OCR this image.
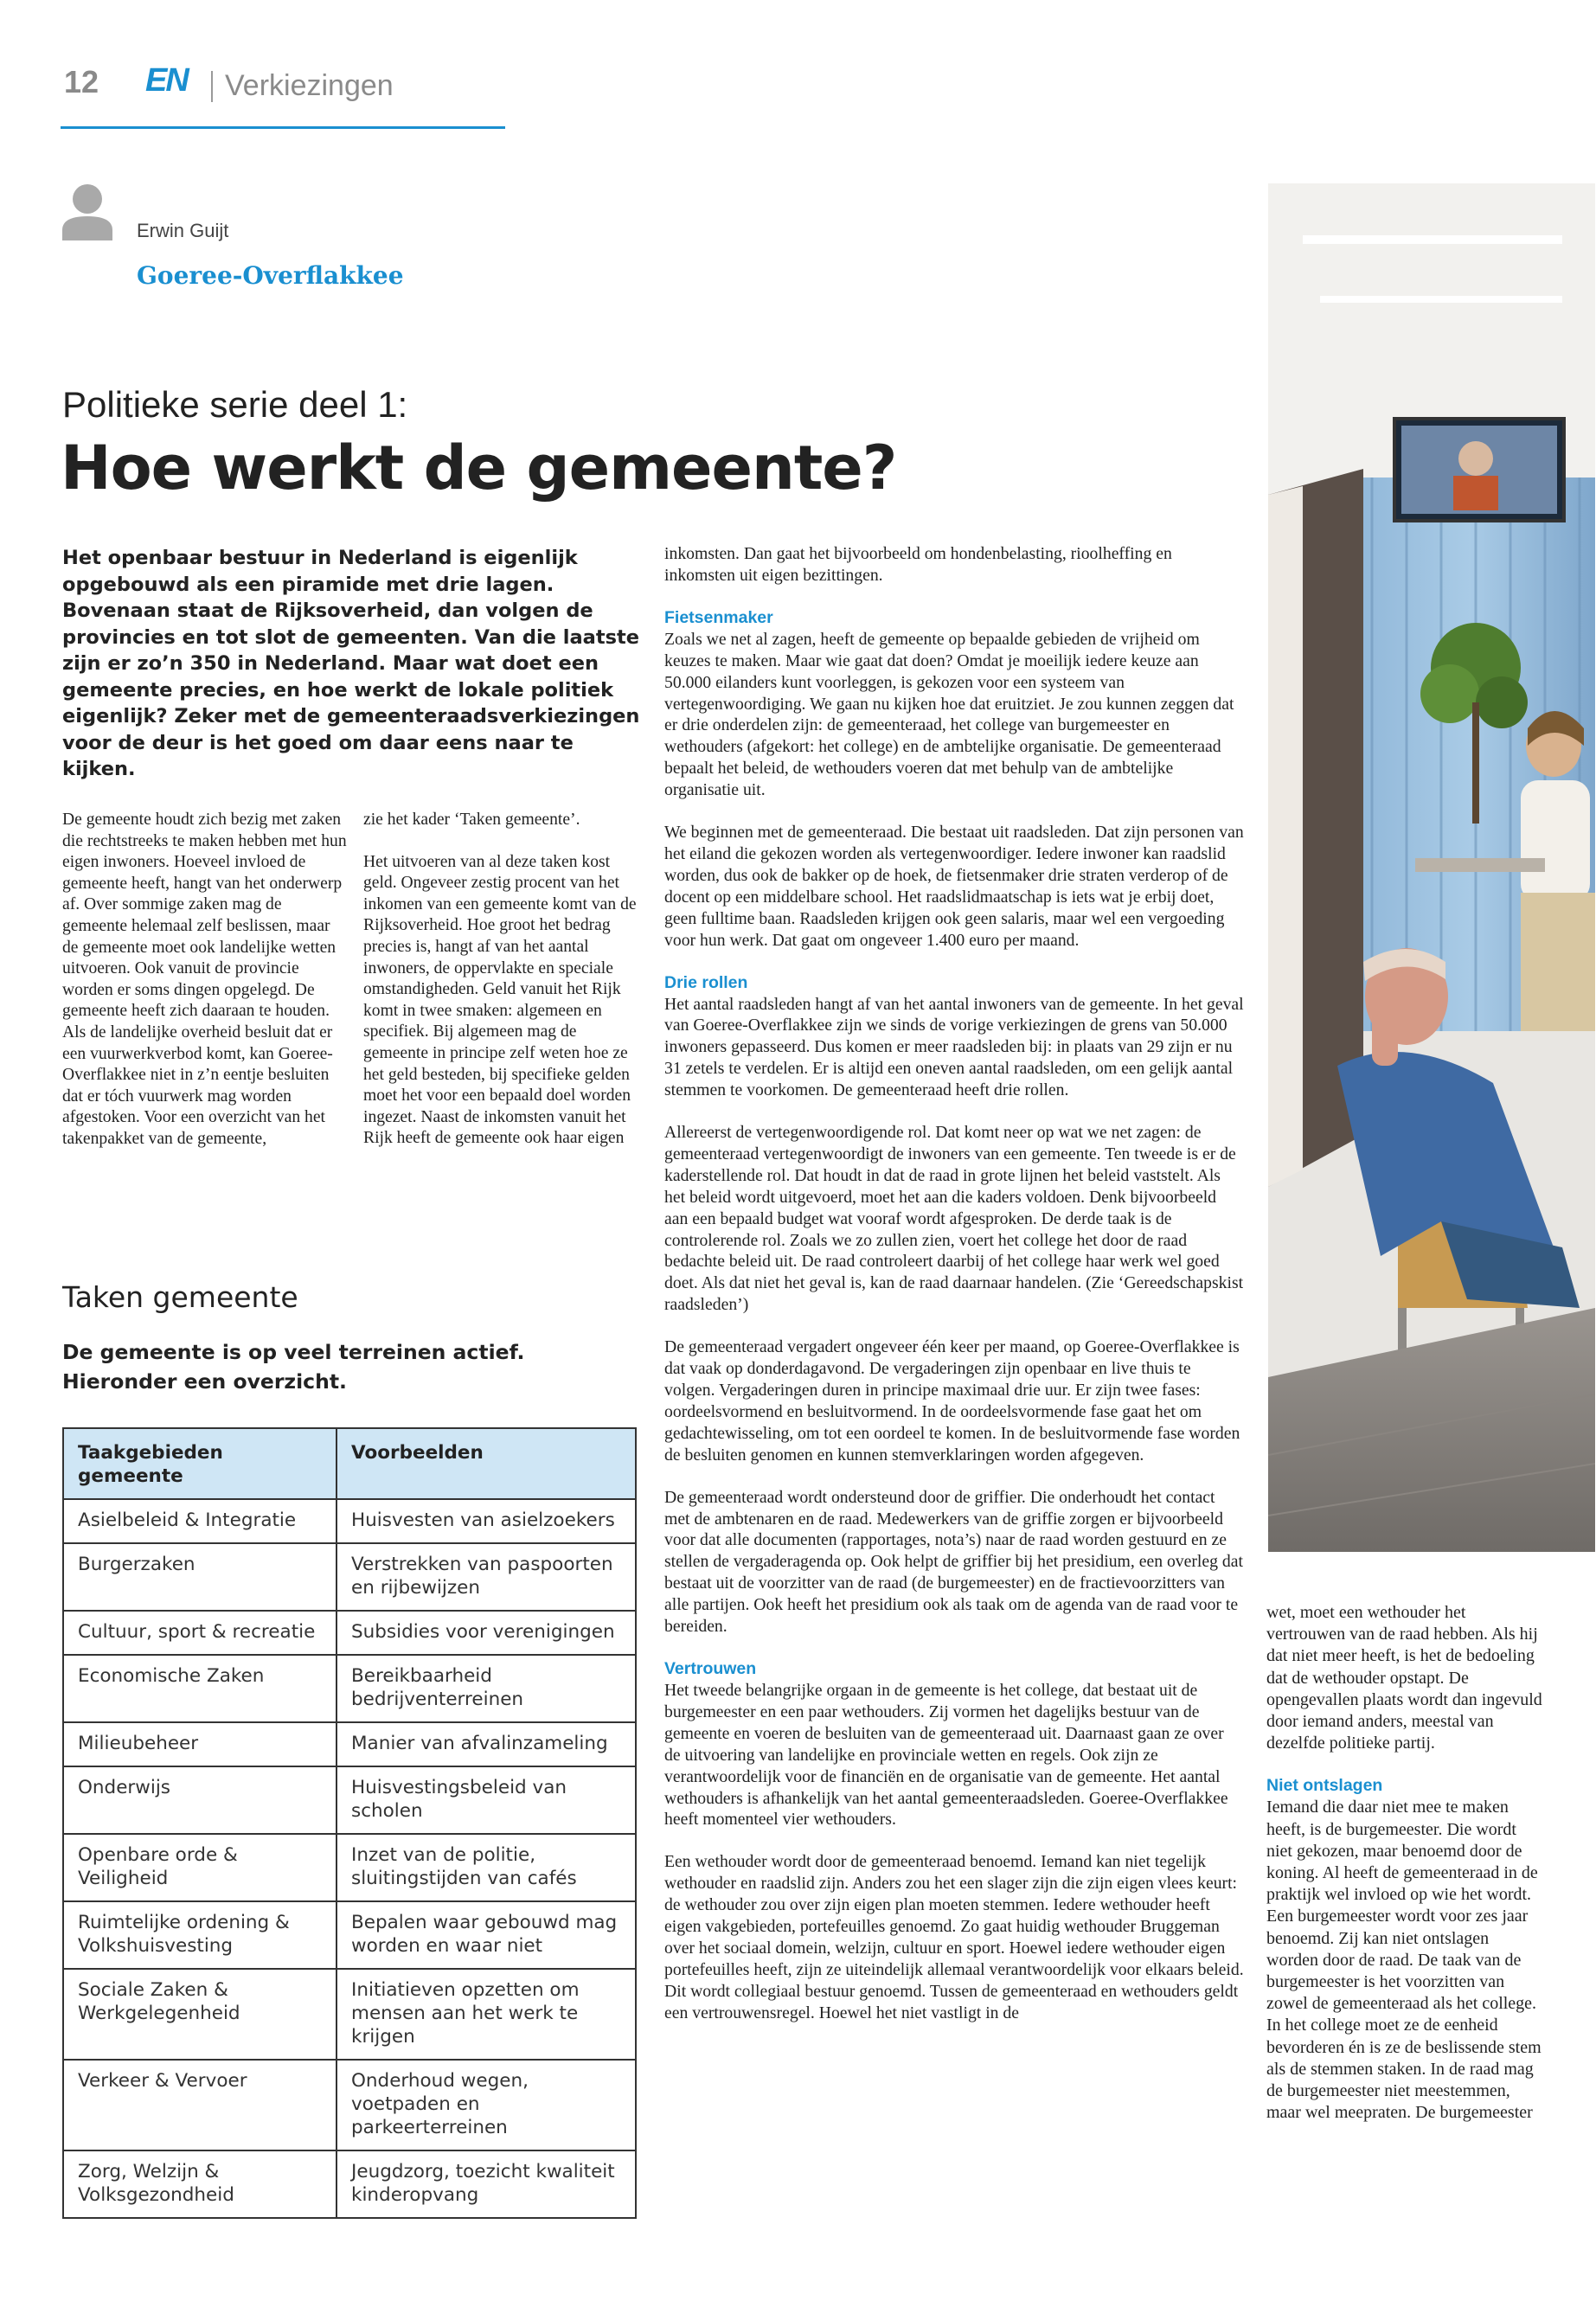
12 EN Verkiezingen
Erwin Guijt
Goeree-Overflakkee
Politieke serie deel 1:
Hoe werkt de gemeente?
Het openbaar bestuur in Nederland is eigenlijk opgebouwd als een piramide met drie lagen. Bovenaan staat de Rijksoverheid, dan volgen de provincies en tot slot de gemeenten. Van die laatste zijn er zo’n 350 in Nederland. Maar wat doet een gemeente precies, en hoe werkt de lokale politiek eigenlijk? Zeker met de gemeenteraadsverkiezingen voor de deur is het goed om daar eens naar te kijken.

De gemeente houdt zich bezig met zaken die rechtstreeks te maken hebben met hun eigen inwoners. Hoeveel invloed de gemeente heeft, hangt van het onderwerp af. Over sommige zaken mag de gemeente helemaal zelf beslissen, maar de gemeente moet ook landelijke wetten uitvoeren. Ook vanuit de provincie worden er soms dingen opgelegd. De gemeente heeft zich daaraan te houden. Als de landelijke overheid besluit dat er een vuurwerkverbod komt, kan Goeree-Overflakkee niet in z’n eentje besluiten dat er tóch vuurwerk mag worden afgestoken. Voor een overzicht van het takenpakket van de gemeente,

zie het kader ‘Taken gemeente’.

Het uitvoeren van al deze taken kost geld. Ongeveer zestig procent van het inkomen van een gemeente komt van de Rijksoverheid. Hoe groot het bedrag precies is, hangt af van het aantal inwoners, de oppervlakte en speciale omstandigheden. Geld vanuit het Rijk komt in twee smaken: algemeen en specifiek. Bij algemeen mag de gemeente in principe zelf weten hoe ze het geld besteden, bij specifieke gelden moet het voor een bepaald doel worden ingezet. Naast de inkomsten vanuit het Rijk heeft de gemeente ook haar eigen

inkomsten. Dan gaat het bijvoorbeeld om hondenbelasting, rioolheffing en inkomsten uit eigen bezittingen.

Fietsenmaker

Zoals we net al zagen, heeft de gemeente op bepaalde gebieden de vrijheid om keuzes te maken. Maar wie gaat dat doen? Omdat je moeilijk iedere keuze aan 50.000 eilanders kunt voorleggen, is gekozen voor een systeem van vertegenwoordiging. We gaan nu kijken hoe dat eruitziet. Je zou kunnen zeggen dat er drie onderdelen zijn: de gemeenteraad, het college van burgemeester en wethouders (afgekort: het college) en de ambtelijke organisatie. De gemeenteraad bepaalt het beleid, de wethouders voeren dat met behulp van de ambtelijke organisatie uit.

We beginnen met de gemeenteraad. Die bestaat uit raadsleden. Dat zijn personen van het eiland die gekozen worden als vertegenwoordiger. Iedere inwoner kan raadslid worden, dus ook de bakker op de hoek, de fietsenmaker drie straten verderop of de docent op een middelbare school. Het raadslidmaatschap is iets wat je erbij doet, geen fulltime baan. Raadsleden krijgen ook geen salaris, maar wel een vergoeding voor hun werk. Dat gaat om ongeveer 1.400 euro per maand.

Drie rollen

Het aantal raadsleden hangt af van het aantal inwoners van de gemeente. In het geval van Goeree-Overflakkee zijn we sinds de vorige verkiezingen de grens van 50.000 inwoners gepasseerd. Dus komen er meer raadsleden bij: in plaats van 29 zijn er nu 31 zetels te verdelen. Er is altijd een oneven aantal raadsleden, om een gelijk aantal stemmen te voorkomen. De gemeenteraad heeft drie rollen.

Allereerst de vertegenwoordigende rol. Dat komt neer op wat we net zagen: de gemeenteraad vertegenwoordigt de inwoners van een gemeente. Ten tweede is er de kaderstellende rol. Dat houdt in dat de raad in grote lijnen het beleid vaststelt. Als het beleid wordt uitgevoerd, moet het aan die kaders voldoen. Denk bijvoorbeeld aan een bepaald budget wat vooraf wordt afgesproken. De derde taak is de controlerende rol. Zoals we zo zullen zien, voert het college het door de raad bedachte beleid uit. De raad controleert daarbij of het college haar werk wel goed doet. Als dat niet het geval is, kan de raad daarnaar handelen. (Zie ‘Gereedschapskist raadsleden’)

De gemeenteraad vergadert ongeveer één keer per maand, op Goeree-Overflakkee is dat vaak op donderdagavond. De vergaderingen zijn openbaar en live thuis te volgen. Vergaderingen duren in principe maximaal drie uur. Er zijn twee fases: oordeelsvormend en besluitvormend. In de oordeelsvormende fase gaat het om gedachtewisseling, om tot een oordeel te komen. In de besluitvormende fase worden de besluiten genomen en kunnen stemverklaringen worden afgegeven.

De gemeenteraad wordt ondersteund door de griffier. Die onderhoudt het contact met de ambtenaren en de raad. Medewerkers van de griffie zorgen er bijvoorbeeld voor dat alle documenten (rapportages, nota’s) naar de raad worden gestuurd en ze stellen de vergaderagenda op. Ook helpt de griffier bij het presidium, een overleg dat bestaat uit de voorzitter van de raad (de burgemeester) en de fractievoorzitters van alle partijen. Ook heeft het presidium ook als taak om de agenda van de raad voor te bereiden.

Vertrouwen

Het tweede belangrijke orgaan in de gemeente is het college, dat bestaat uit de burgemeester en een paar wethouders. Zij vormen het dagelijks bestuur van de gemeente en voeren de besluiten van de gemeenteraad uit. Daarnaast gaan ze over de uitvoering van landelijke en provinciale wetten en regels. Ook zijn ze verantwoordelijk voor de financiën en de organisatie van de gemeente. Het aantal wethouders is afhankelijk van het aantal gemeenteraadsleden. Goeree-Overflakkee heeft momenteel vier wethouders.

Een wethouder wordt door de gemeenteraad benoemd. Iemand kan niet tegelijk wethouder en raadslid zijn. Anders zou het een slager zijn die zijn eigen vlees keurt: de wethouder zou over zijn eigen plan moeten stemmen. Iedere wethouder heeft eigen vakgebieden, portefeuilles genoemd. Zo gaat huidig wethouder Bruggeman over het sociaal domein, welzijn, cultuur en sport. Hoewel iedere wethouder eigen portefeuilles heeft, zijn ze uiteindelijk allemaal verantwoordelijk voor elkaars beleid. Dit wordt collegiaal bestuur genoemd. Tussen de gemeenteraad en wethouders geldt een vertrouwensregel. Hoewel het niet vastligt in de

wet, moet een wethouder het vertrouwen van de raad hebben. Als hij dat niet meer heeft, is het de bedoeling dat de wethouder opstapt. De opengevallen plaats wordt dan ingevuld door iemand anders, meestal van dezelfde politieke partij.

Niet ontslagen

Iemand die daar niet mee te maken heeft, is de burgemeester. Die wordt niet gekozen, maar benoemd door de koning. Al heeft de gemeenteraad in de praktijk wel invloed op wie het wordt. Een burgemeester wordt voor zes jaar benoemd. Zij kan niet ontslagen worden door de raad. De taak van de burgemeester is het voorzitten van zowel de gemeenteraad als het college. In het college moet ze de eenheid bevorderen én is ze de beslissende stem als de stemmen staken. In de raad mag de burgemeester niet meestemmen, maar wel meepraten. De burgemeester

Taken gemeente
De gemeente is op veel terreinen actief. Hieronder een overzicht.
Taakgebieden gemeente	Voorbeelden
Asielbeleid & Integratie	Huisvesten van asielzoekers
Burgerzaken	Verstrekken van paspoorten en rijbewijzen
Cultuur, sport & recreatie	Subsidies voor verenigingen
Economische Zaken	Bereikbaarheid bedrijventerreinen
Milieubeheer	Manier van afvalinzameling
Onderwijs	Huisvestingsbeleid van scholen
Openbare orde & Veiligheid	Inzet van de politie, sluitingstijden van cafés
Ruimtelijke ordening & Volkshuisvesting	Bepalen waar gebouwd mag worden en waar niet
Sociale Zaken & Werkgelegenheid	Initiatieven opzetten om mensen aan het werk te krijgen
Verkeer & Vervoer	Onderhoud wegen, voetpaden en parkeerterreinen
Zorg, Welzijn & Volksgezondheid	Jeugdzorg, toezicht kwaliteit kinderopvang
